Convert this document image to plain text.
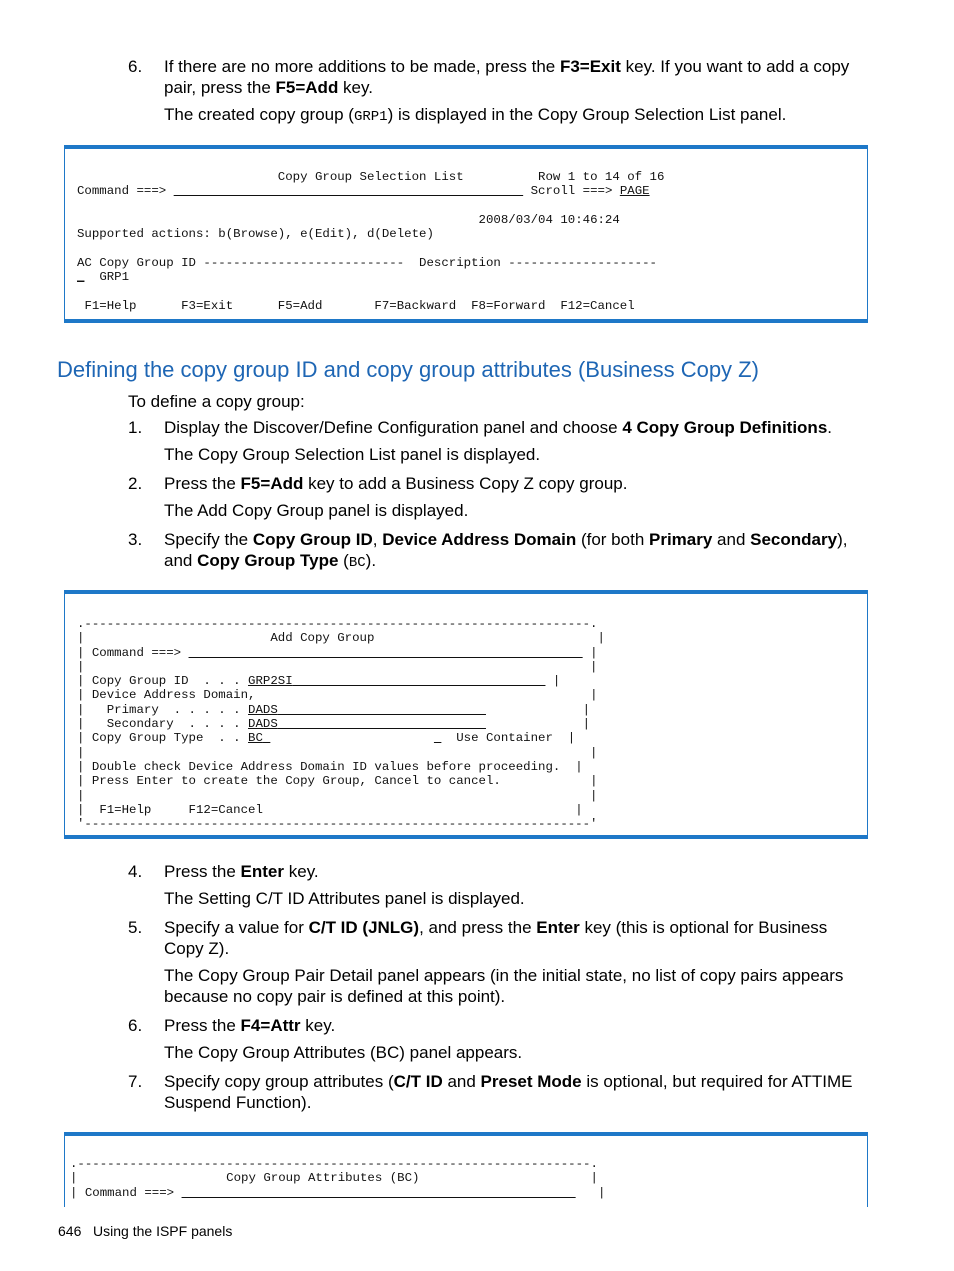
6. If there are no more additions to be made, press the F3=Exit key. If you want to add a copy pair, press the F5=Add key.
The created copy group (GRP1) is displayed in the Copy Group Selection List panel.
Copy Group Selection List	Row 1 to 14 of 16
Command ===>	Scroll ===> PAGE

2008/03/04 10:46:24
Supported actions: b(Browse), e(Edit), d(Delete)

AC Copy Group ID ---------------------------  Description --------------------
_ GRP1

F1=Help      F3=Exit      F5=Add       F7=Backward  F8=Forward  F12=Cancel
Defining the copy group ID and copy group attributes (Business Copy Z)
To define a copy group:
1. Display the Discover/Define Configuration panel and choose 4 Copy Group Definitions.
The Copy Group Selection List panel is displayed.
2. Press the F5=Add key to add a Business Copy Z copy group.
The Add Copy Group panel is displayed.
3. Specify the Copy Group ID, Device Address Domain (for both Primary and Secondary), and Copy Group Type (BC).
.--------------------------------------------------------------------.
|	Add Copy Group	|
| Command ===>	|
|                                                                    |
| Copy Group ID  . . . GRP2SI	|
| Device Address Domain,	|
|   Primary  . . . . . DADS	|
|   Secondary  . . . . DADS	|
| Copy Group Type  . . BC	Use Container  |
|                                                                    |
| Double check Device Address Domain ID values before proceeding.  |
| Press Enter to create the Copy Group, Cancel to cancel.	|
|                                                                    |
|  F1=Help     F12=Cancel	|
'--------------------------------------------------------------------'
4. Press the Enter key.
The Setting C/T ID Attributes panel is displayed.
5. Specify a value for C/T ID (JNLG), and press the Enter key (this is optional for Business Copy Z).
The Copy Group Pair Detail panel appears (in the initial state, no list of copy pairs appears because no copy pair is defined at this point).
6. Press the F4=Attr key.
The Copy Group Attributes (BC) panel appears.
7. Specify copy group attributes (C/T ID and Preset Mode is optional, but required for ATTIME Suspend Function).
.---------------------------------------------------------------------.
|	Copy Group Attributes (BC)	|
| Command ===>	|
646 Using the ISPF panels
